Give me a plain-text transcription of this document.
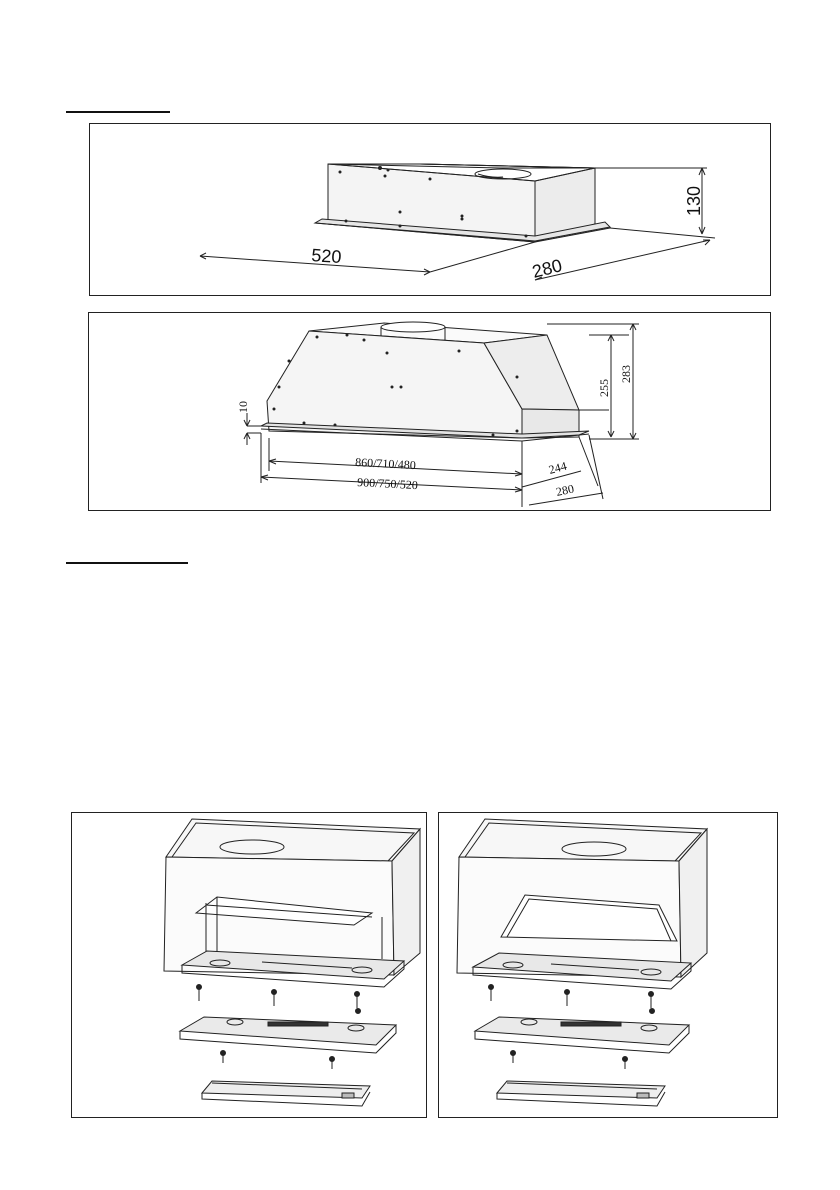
520	280
130
10
860/710/480
900/750/520
244
280
255
283
